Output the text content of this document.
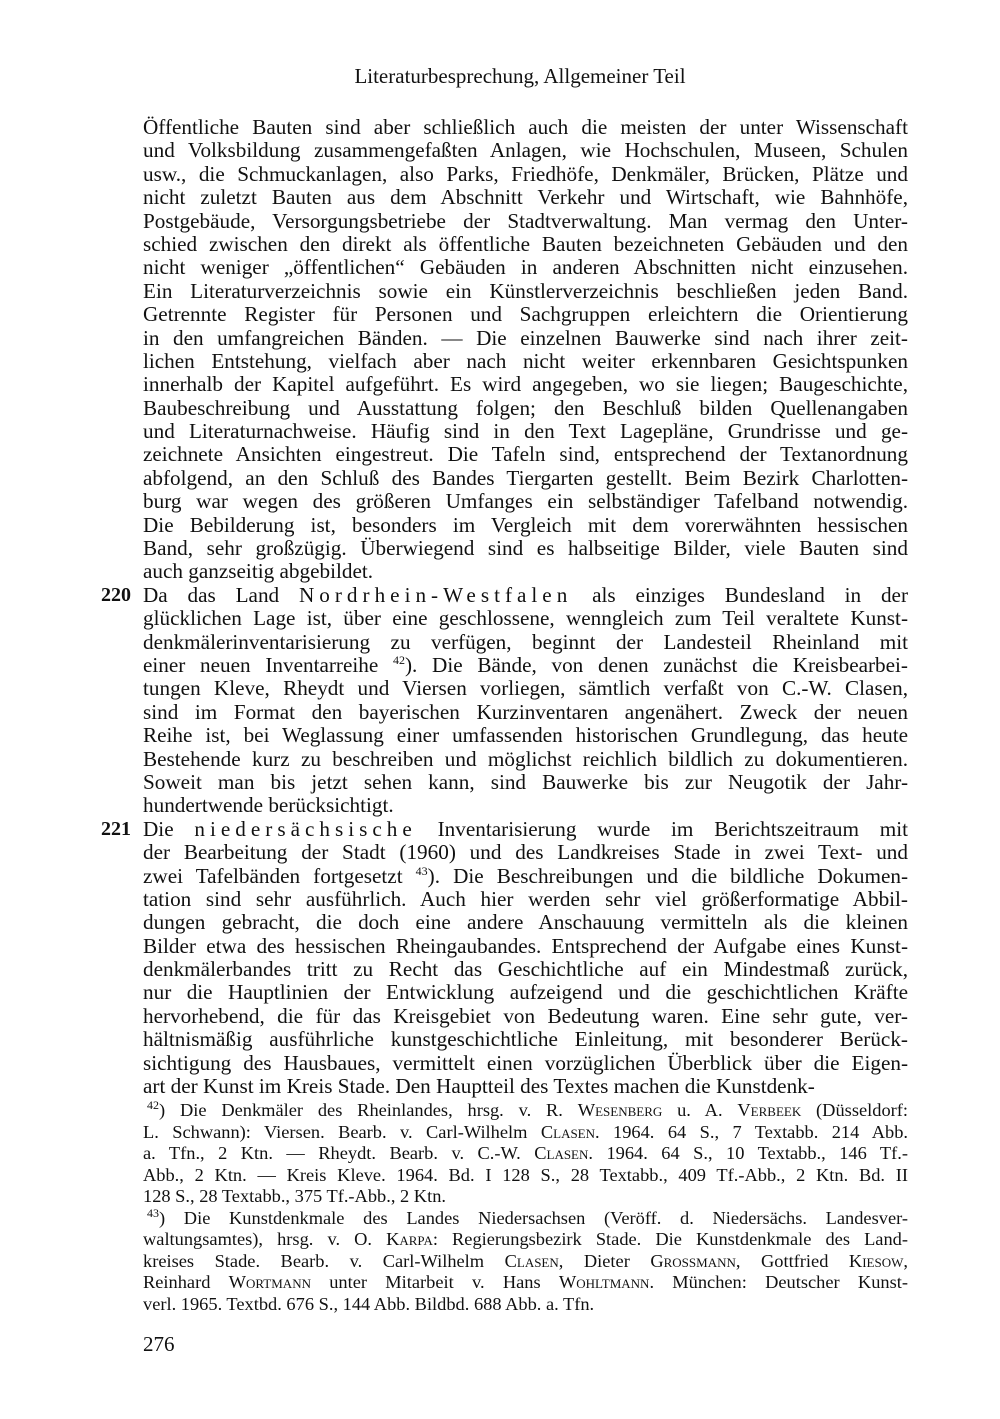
Literaturbesprechung, Allgemeiner Teil
Öffentliche Bauten sind aber schließlich auch die meisten der unter Wissenschaft
und Volksbildung zusammengefaßten Anlagen, wie Hochschulen, Museen, Schulen
usw., die Schmuckanlagen, also Parks, Friedhöfe, Denkmäler, Brücken, Plätze und
nicht zuletzt Bauten aus dem Abschnitt Verkehr und Wirtschaft, wie Bahnhöfe,
Postgebäude, Versorgungsbetriebe der Stadtverwaltung. Man vermag den Unter-
schied zwischen den direkt als öffentliche Bauten bezeichneten Gebäuden und den
nicht weniger „öffentlichen“ Gebäuden in anderen Abschnitten nicht einzusehen.
Ein Literaturverzeichnis sowie ein Künstlerverzeichnis beschließen jeden Band.
Getrennte Register für Personen und Sachgruppen erleichtern die Orientierung
in den umfangreichen Bänden. — Die einzelnen Bauwerke sind nach ihrer zeit-
lichen Entstehung, vielfach aber nach nicht weiter erkennbaren Gesichtspunken
innerhalb der Kapitel aufgeführt. Es wird angegeben, wo sie liegen; Baugeschichte,
Baubeschreibung und Ausstattung folgen; den Beschluß bilden Quellenangaben
und Literaturnachweise. Häufig sind in den Text Lagepläne, Grundrisse und ge-
zeichnete Ansichten eingestreut. Die Tafeln sind, entsprechend der Textanordnung
abfolgend, an den Schluß des Bandes Tiergarten gestellt. Beim Bezirk Charlotten-
burg war wegen des größeren Umfanges ein selbständiger Tafelband notwendig.
Die Bebilderung ist, besonders im Vergleich mit dem vorerwähnten hessischen
Band, sehr großzügig. Überwiegend sind es halbseitige Bilder, viele Bauten sind
auch ganzseitig abgebildet.
220 Da das Land Nordrhein-Westfalen als einziges Bundesland in der
glücklichen Lage ist, über eine geschlossene, wenngleich zum Teil veraltete Kunst-
denkmälerinventarisierung zu verfügen, beginnt der Landesteil Rheinland mit
einer neuen Inventarreihe $^{42}$). Die Bände, von denen zunächst die Kreisbearbei-
tungen Kleve, Rheydt und Viersen vorliegen, sämtlich verfaßt von C.-W. Clasen,
sind im Format den bayerischen Kurzinventaren angenähert. Zweck der neuen
Reihe ist, bei Weglassung einer umfassenden historischen Grundlegung, das heute
Bestehende kurz zu beschreiben und möglichst reichlich bildlich zu dokumentieren.
Soweit man bis jetzt sehen kann, sind Bauwerke bis zur Neugotik der Jahr-
hundertwende berücksichtigt.
221 Die niedersächsische Inventarisierung wurde im Berichtszeitraum mit
der Bearbeitung der Stadt (1960) und des Landkreises Stade in zwei Text- und
zwei Tafelbänden fortgesetzt $^{43}$). Die Beschreibungen und die bildliche Dokumen-
tation sind sehr ausführlich. Auch hier werden sehr viel größerformatige Abbil-
dungen gebracht, die doch eine andere Anschauung vermitteln als die kleinen
Bilder etwa des hessischen Rheingaubandes. Entsprechend der Aufgabe eines Kunst-
denkmälerbandes tritt zu Recht das Geschichtliche auf ein Mindestmaß zurück,
nur die Hauptlinien der Entwicklung aufzeigend und die geschichtlichen Kräfte
hervorhebend, die für das Kreisgebiet von Bedeutung waren. Eine sehr gute, ver-
hältnismäßig ausführliche kunstgeschichtliche Einleitung, mit besonderer Berück-
sichtigung des Hausbaues, vermittelt einen vorzüglichen Überblick über die Eigen-
art der Kunst im Kreis Stade. Den Hauptteil des Textes machen die Kunstdenk-
$^{42}$) Die Denkmäler des Rheinlandes, hrsg. v. R. Wesenberg u. A. Verbeek (Düsseldorf:
L. Schwann): Viersen. Bearb. v. Carl-Wilhelm Clasen. 1964. 64 S., 7 Textabb. 214 Abb.
a. Tfn., 2 Ktn. — Rheydt. Bearb. v. C.-W. Clasen. 1964. 64 S., 10 Textabb., 146 Tf.-
Abb., 2 Ktn. — Kreis Kleve. 1964. Bd. I 128 S., 28 Textabb., 409 Tf.-Abb., 2 Ktn. Bd. II
128 S., 28 Textabb., 375 Tf.-Abb., 2 Ktn.
$^{43}$) Die Kunstdenkmale des Landes Niedersachsen (Veröff. d. Niedersächs. Landesver-
waltungsamtes), hrsg. v. O. Karpa: Regierungsbezirk Stade. Die Kunstdenkmale des Land-
kreises Stade. Bearb. v. Carl-Wilhelm Clasen, Dieter Grossmann, Gottfried Kiesow,
Reinhard Wortmann unter Mitarbeit v. Hans Wohltmann. München: Deutscher Kunst-
verl. 1965. Textbd. 676 S., 144 Abb. Bildbd. 688 Abb. a. Tfn.
276
